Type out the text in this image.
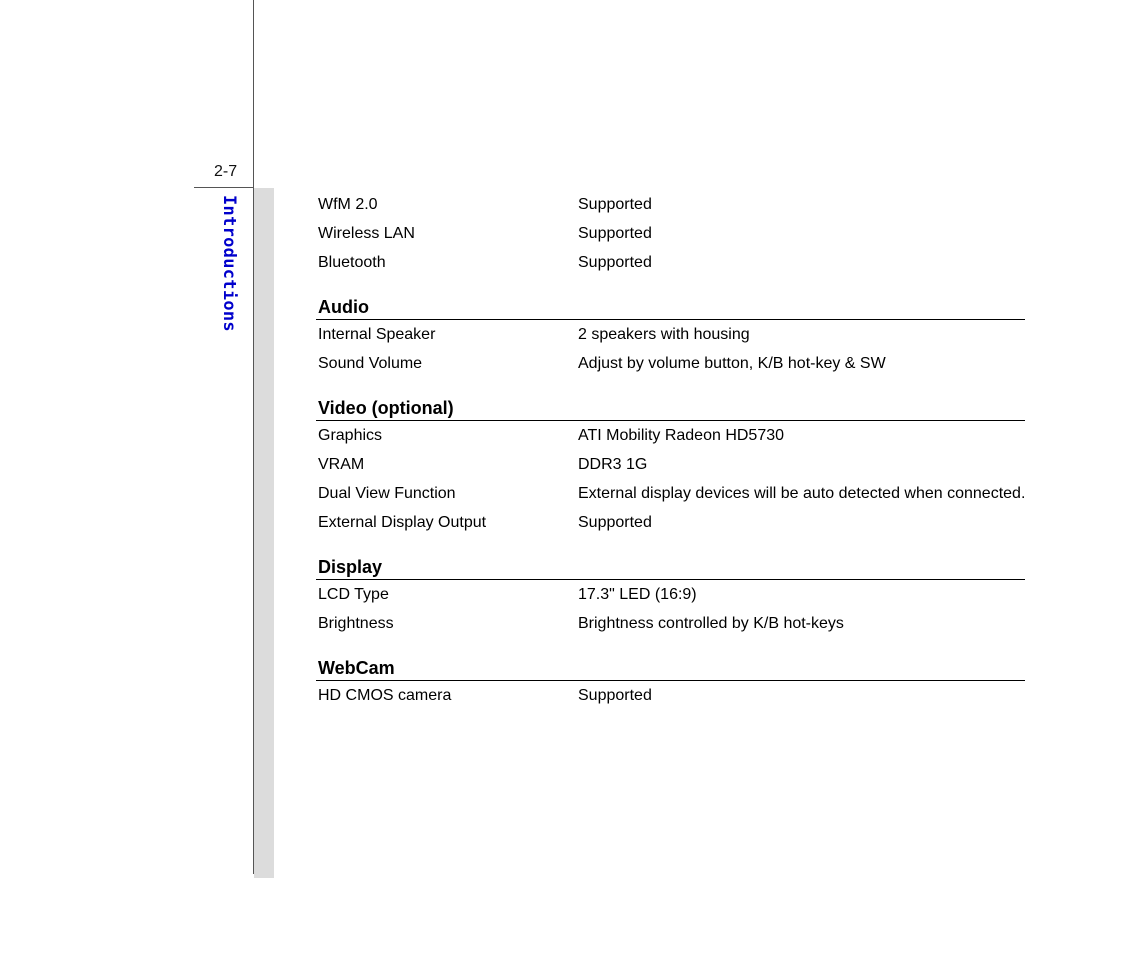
2-7
Introductions	WfM 2.0	Supported
Wireless LAN	Supported
Bluetooth	Supported
Audio
Internal Speaker	2 speakers with housing
Sound Volume	Adjust by volume button, K/B hot-key & SW
Video (optional)
Graphics	ATI Mobility Radeon HD5730
VRAM	DDR3 1G
Dual View Function	External display devices will be auto detected when connected.
External Display Output	Supported
Display
LCD Type	17.3" LED (16:9)
Brightness	Brightness controlled by K/B hot-keys
WebCam
HD CMOS camera	Supported
